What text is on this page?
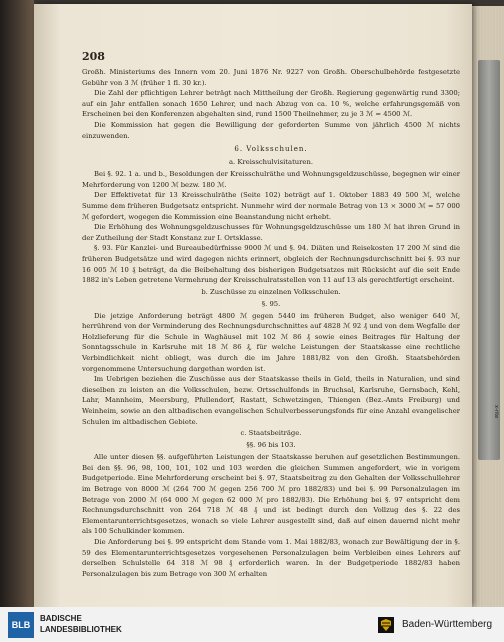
x-rite
208

Großh. Ministeriums des Innern vom 20. Juni 1876 Nr. 9227 von Großh. Oberschulbehörde festgesetzte Gebühr von 3 ℳ (früher 1 fl. 30 kr.).

Die Zahl der pflichtigen Lehrer beträgt nach Mittheilung der Großh. Regierung gegenwärtig rund 3300; auf ein Jahr entfallen sonach 1650 Lehrer, und nach Abzug von ca. 10 %, welche erfahrungsgemäß von Erscheinen bei den Konferenzen abgehalten sind, rund 1500 Theilnehmer, zu je 3 ℳ = 4500 ℳ.

Die Kommission hat gegen die Bewilligung der geforderten Summe von jährlich 4500 ℳ nichts einzuwenden.

6. Volksschulen.
a. Kreisschulvisitaturen.

Bei §. 92. 1 a. und b., Besoldungen der Kreisschulräthe und Wohnungsgeldzuschüsse, begegnen wir einer Mehrforderung von 1200 ℳ bezw. 180 ℳ.

Der Effektivetat für 13 Kreisschulräthe (Seite 102) beträgt auf 1. Oktober 1883 49 500 ℳ, welche Summe dem früheren Budgetsatz entspricht. Nunmehr wird der normale Betrag von 13 × 3000 ℳ = 57 000 ℳ gefordert, wogegen die Kommission eine Beanstandung nicht erhebt.

Die Erhöhung des Wohnungsgeldzuschusses für Wohnungsgeldzuschüsse um 180 ℳ hat ihren Grund in der Zutheilung der Stadt Konstanz zur I. Ortsklasse.

§. 93. Für Kanzlei- und Bureaubedürfnisse 9000 ℳ und §. 94. Diäten und Reisekosten 17 200 ℳ sind die früheren Budgetsätze und wird dagegen nichts erinnert, obgleich der Rechnungsdurchschnitt bei §. 93 nur 16 005 ℳ 10 ₰ beträgt, da die Beibehaltung des bisherigen Budgetsatzes mit Rücksicht auf die seit Ende 1882 in's Leben getretene Vermehrung der Kreisschulratsstellen von 11 auf 13 als gerechtfertigt erscheint.

b. Zuschüsse zu einzelnen Volksschulen.
§. 95.

Die jetzige Anforderung beträgt 4800 ℳ gegen 5440 im früheren Budget, also weniger 640 ℳ, herrührend von der Verminderung des Rechnungsdurchschnittes auf 4828 ℳ 92 ₰ und von dem Wegfalle der Holzlieferung für die Schule in Waghäusel mit 102 ℳ 86 ₰ sowie eines Beitrages für Haltung der Sonntagsschule in Karlsruhe mit 18 ℳ 86 ₰, für welche Leistungen der Staatskasse eine rechtliche Verbindlichkeit nicht obliegt, was durch die im Jahre 1881/82 von den Großh. Staatsbehörden vorgenommene Untersuchung dargethan worden ist.

Im Uebrigen beziehen die Zuschüsse aus der Staatskasse theils in Geld, theils in Naturalien, und sind dieselben zu leisten an die Volksschulen, bezw. Ortsschulfonds in Bruchsal, Karlsruhe, Gernsbach, Kehl, Lahr, Mannheim, Meersburg, Pfullendorf, Rastatt, Schwetzingen, Thiengen (Bez.-Amts Freiburg) und Weinheim, sowie an den altbadischen evangelischen Schulverbesserungsfonds für eine Anzahl evangelischer Schulen im altbadischen Gebiete.

c. Staatsbeiträge.
§§. 96 bis 103.

Alle unter diesen §§. aufgeführten Leistungen der Staatskasse beruhen auf gesetzlichen Bestimmungen. Bei den §§. 96, 98, 100, 101, 102 und 103 werden die gleichen Summen angefordert, wie in vorigem Budgetperiode. Eine Mehrforderung erscheint bei §. 97, Staatsbeitrag zu den Gehalten der Volksschullehrer im Betrage von 8000 ℳ (264 700 ℳ gegen 256 700 ℳ pro 1882/83) und bei §. 99 Personalzulagen im Betrage von 2000 ℳ (64 000 ℳ gegen 62 000 ℳ pro 1882/83). Die Erhöhung bei §. 97 entspricht dem Rechnungsdurchschnitt von 264 718 ℳ 48 ₰ und ist bedingt durch den Vollzug des §. 22 des Elementarunterrichtsgesetzes, wonach so viele Lehrer ausgestellt sind, daß auf einen dauernd nicht mehr als 100 Schulkinder kommen.

Die Anforderung bei §. 99 entspricht dem Stande vom 1. Mai 1882/83, wonach zur Bewältigung der in §. 59 des Elementarunterrichtsgesetzes vorgesehenen Personalzulagen beim Verbleiben eines Lehrers auf derselben Schulstelle 64 318 ℳ 98 ₰ erforderlich waren. In der Budgetperiode 1882/83 haben Personalzulagen bis zum Betrage von 300 ℳ erhalten

BLB
BADISCHE
LANDESBIBLIOTHEK	Baden-Württemberg
